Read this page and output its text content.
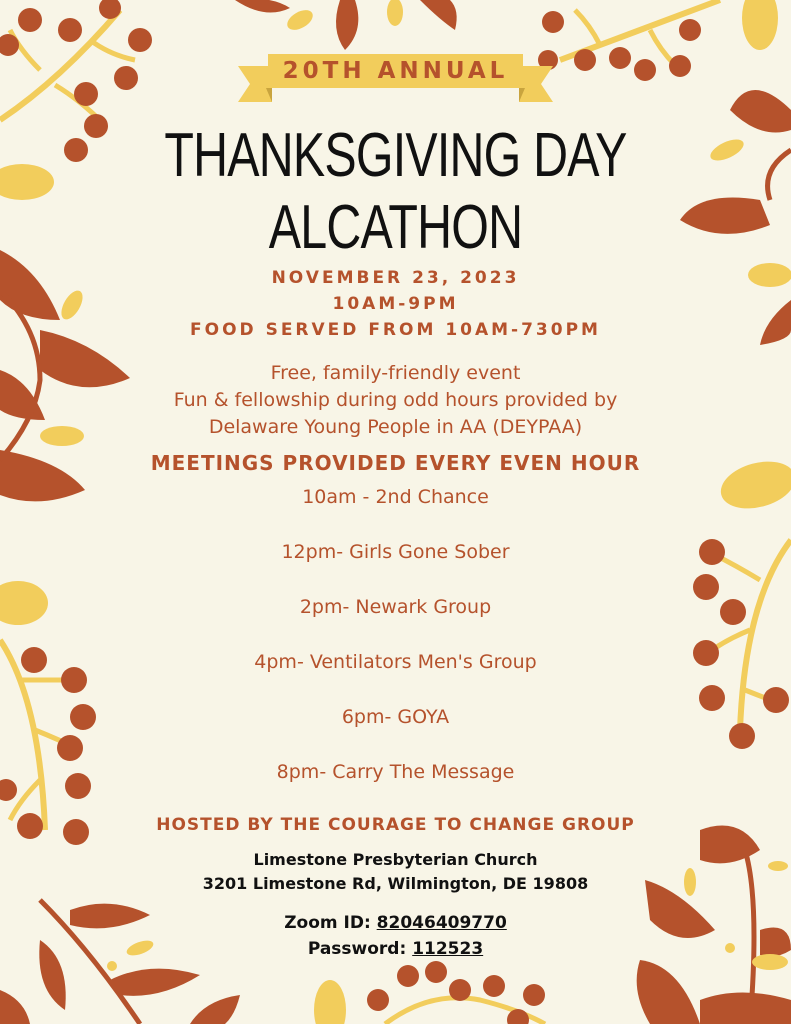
20TH ANNUAL
THANKSGIVING DAY
ALCATHON
NOVEMBER 23, 2023
10AM-9PM
FOOD SERVED FROM 10AM-730PM
Free, family-friendly event
Fun & fellowship during odd hours provided by
Delaware Young People in AA (DEYPAA)
MEETINGS PROVIDED EVERY EVEN HOUR
10am - 2nd Chance
12pm- Girls Gone Sober
2pm- Newark Group
4pm- Ventilators Men's Group
6pm- GOYA
8pm- Carry The Message
HOSTED BY THE COURAGE TO CHANGE GROUP
Limestone Presbyterian Church
3201 Limestone Rd, Wilmington, DE 19808
Zoom ID: 82046409770
Password: 112523
